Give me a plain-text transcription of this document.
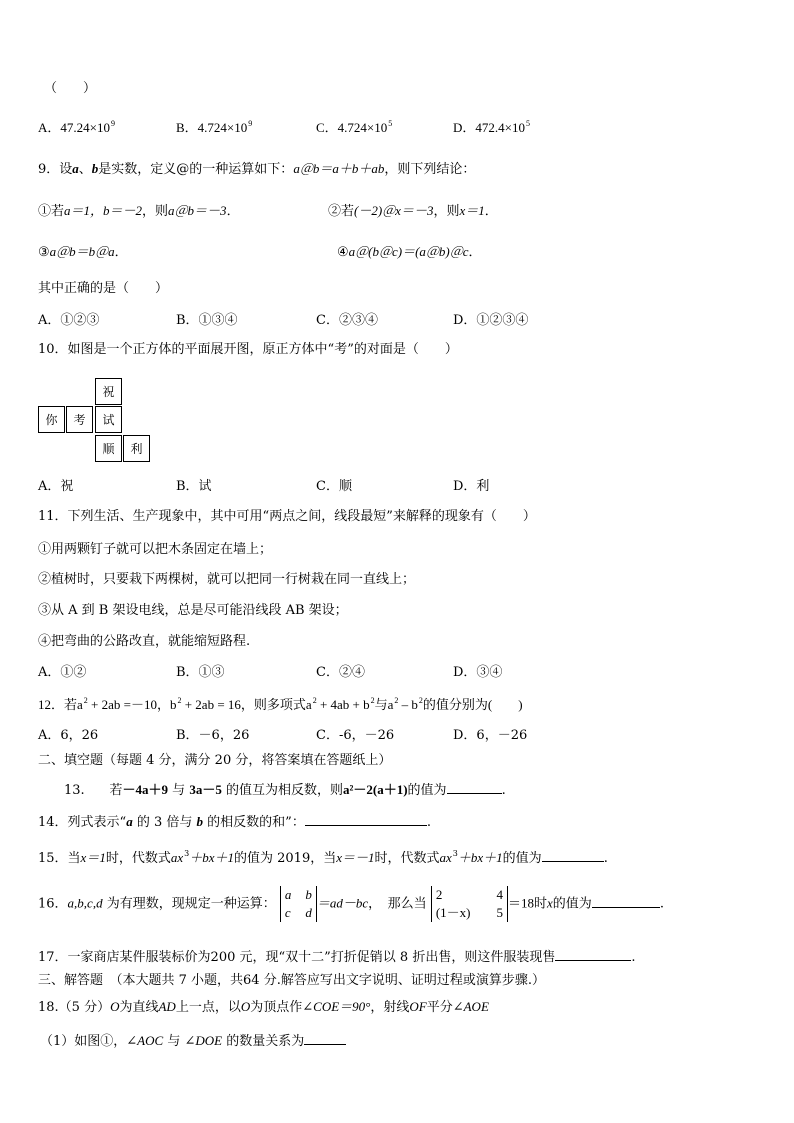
（　　）
A．$47.24\times 10^9$	B．$4.724\times 10^9$	C．$4.724\times 10^5$	D．$472.4\times 10^5$
9．设a、b是实数，定义@的一种运算如下：a＠b＝a＋b＋ab，则下列结论：
①若a＝1，b＝－2，则a＠b＝－3．	②若(－2)＠x＝－3，则x＝1．
③a＠b＝b＠a．	④a＠(b＠c)＝(a＠b)＠c．
其中正确的是（　　）
A．①②③	B．①③④	C．②③④	D．①②③④
10．如图是一个正方体的平面展开图，原正方体中“考”的对面是（　　）
祝
你	考	试
顺	利
A．祝	B．试	C．顺	D．利
11．下列生活、生产现象中，其中可用“两点之间，线段最短”来解释的现象有（　　）
①用两颗钉子就可以把木条固定在墙上；
②植树时，只要栽下两棵树，就可以把同一行树栽在同一直线上；
③从 A 到 B 架设电线，总是尽可能沿线段 AB 架设；
④把弯曲的公路改直，就能缩短路程.
A．①②	B．①③	C．②④	D．③④
12．若$a^2 + 2ab =-10$，$b^2 + 2ab = 16$，则多项式$a^2 + 4ab + b^2$与$a^2 - b^2$的值分别为(　　)
A．6，26	B．－6，26	C．-6，－26	D．6，－26
二、填空题（每题 4 分，满分 20 分，将答案填在答题纸上）
13. 若－4a＋9 与 3a－5 的值互为相反数，则a²－2(a＋1)的值为	.
14．列式表示“a 的 3 倍与 b 的相反数的和”：	.
15．当x＝1时，代数式$ax^3+bx+1$的值为 2019，当x＝－1时，代数式$ax^3+bx+1$的值为	.
16．a,b,c,d 为有理数，现规定一种运算：
a b
c d
＝ad－bc，　那么当
2	4
(1－x) 5
＝18时x的值为	.
17．一家商店某件服装标价为200 元，现“双十二”打折促销以 8 折出售，则这件服装现售	.
三、解答题　（本大题共 7 小题，共64 分.解答应写出文字说明、证明过程或演算步骤.）
18.（5 分）O为直线AD上一点，以O为顶点作∠COE＝90°，射线OF平分∠AOE
（1）如图①，∠AOC 与 ∠DOE 的数量关系为
